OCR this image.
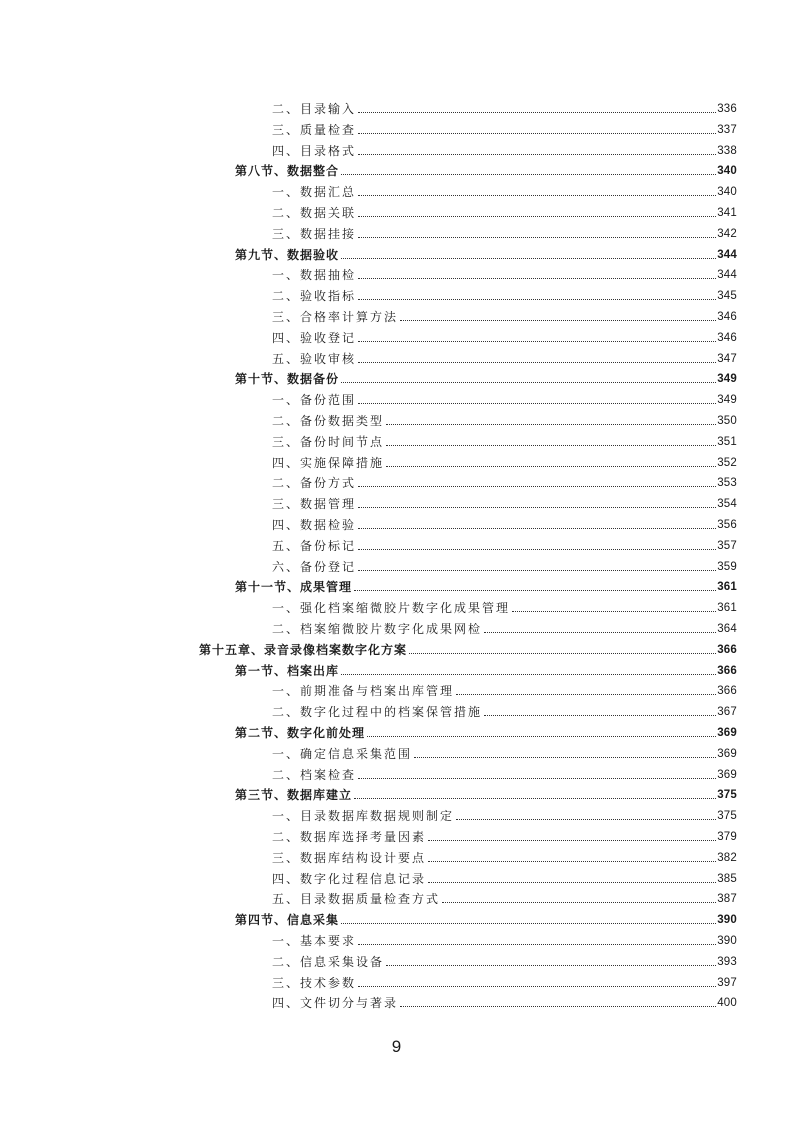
二、目录输入	336
三、质量检查	337
四、目录格式	338
第八节、数据整合	340
一、数据汇总	340
二、数据关联	341
三、数据挂接	342
第九节、数据验收	344
一、数据抽检	344
二、验收指标	345
三、合格率计算方法	346
四、验收登记	346
五、验收审核	347
第十节、数据备份	349
一、备份范围	349
二、备份数据类型	350
三、备份时间节点	351
四、实施保障措施	352
二、备份方式	353
三、数据管理	354
四、数据检验	356
五、备份标记	357
六、备份登记	359
第十一节、成果管理	361
一、强化档案缩微胶片数字化成果管理	361
二、档案缩微胶片数字化成果网检	364
第十五章、录音录像档案数字化方案	366
第一节、档案出库	366
一、前期准备与档案出库管理	366
二、数字化过程中的档案保管措施	367
第二节、数字化前处理	369
一、确定信息采集范围	369
二、档案检查	369
第三节、数据库建立	375
一、目录数据库数据规则制定	375
二、数据库选择考量因素	379
三、数据库结构设计要点	382
四、数字化过程信息记录	385
五、目录数据质量检查方式	387
第四节、信息采集	390
一、基本要求	390
二、信息采集设备	393
三、技术参数	397
四、文件切分与著录	400
9
